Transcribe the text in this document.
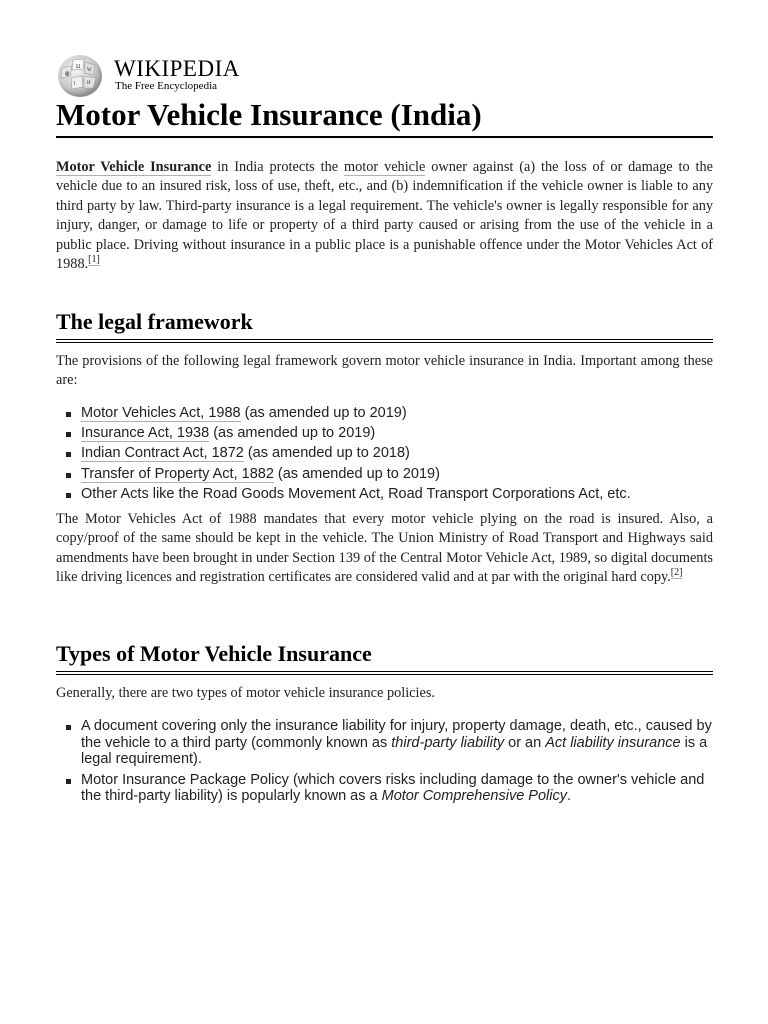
Ω
ꙮ
W
ا И
WIKIPEDIA
The Free Encyclopedia
Motor Vehicle Insurance (India)

Motor Vehicle Insurance in India protects the motor vehicle owner against (a) the loss of or damage to the vehicle due to an insured risk, loss of use, theft, etc., and (b) indemnification if the vehicle owner is liable to any third party by law. Third-party insurance is a legal requirement. The vehicle's owner is legally responsible for any injury, danger, or damage to life or property of a third party caused or arising from the use of the vehicle in a public place. Driving without insurance in a public place is a punishable offence under the Motor Vehicles Act of 1988.[1]

The legal framework

The provisions of the following legal framework govern motor vehicle insurance in India. Important among these are:

Motor Vehicles Act, 1988 (as amended up to 2019)
Insurance Act, 1938 (as amended up to 2019)
Indian Contract Act, 1872 (as amended up to 2018)
Transfer of Property Act, 1882 (as amended up to 2019)
Other Acts like the Road Goods Movement Act, Road Transport Corporations Act, etc.

The Motor Vehicles Act of 1988 mandates that every motor vehicle plying on the road is insured. Also, a copy/proof of the same should be kept in the vehicle. The Union Ministry of Road Transport and Highways said amendments have been brought in under Section 139 of the Central Motor Vehicle Act, 1989, so digital documents like driving licences and registration certificates are considered valid and at par with the original hard copy.[2]

Types of Motor Vehicle Insurance

Generally, there are two types of motor vehicle insurance policies.

A document covering only the insurance liability for injury, property damage, death, etc., caused by the vehicle to a third party (commonly known as third-party liability or an Act liability insurance is a legal requirement).
Motor Insurance Package Policy (which covers risks including damage to the owner's vehicle and the third-party liability) is popularly known as a Motor Comprehensive Policy.
